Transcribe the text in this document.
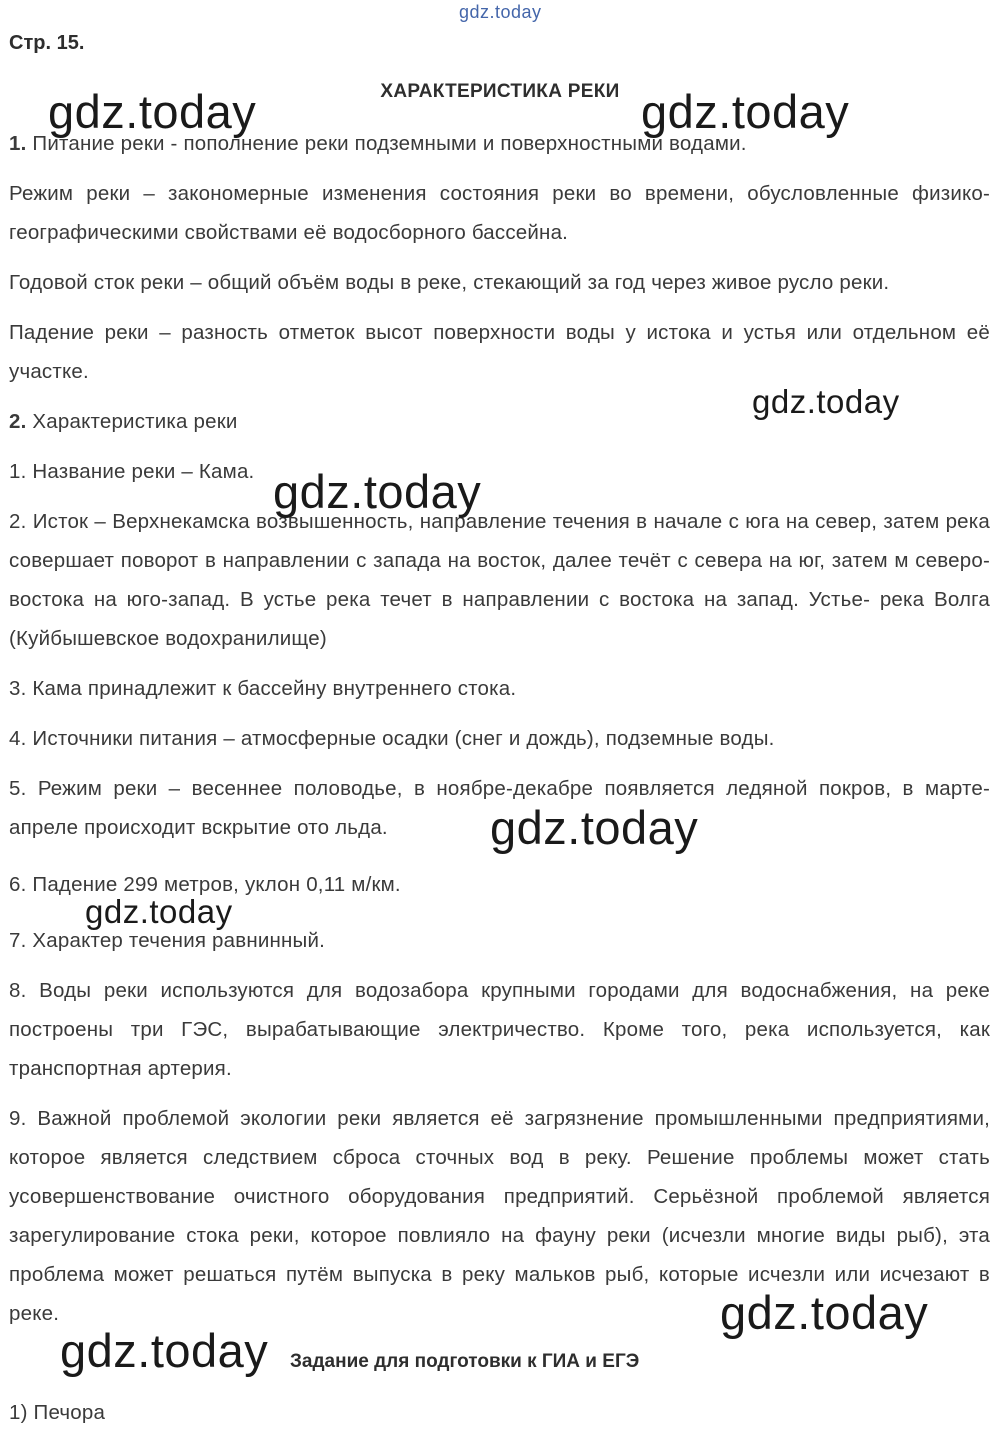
gdz.today
Стр. 15.
ХАРАКТЕРИСТИКА РЕКИ

1. Питание реки - пополнение реки подземными и поверхностными водами.

Режим реки – закономерные изменения состояния реки во времени, обусловленные физико-географическими свойствами её водосборного бассейна.

Годовой сток реки – общий объём воды в реке, стекающий за год через живое русло реки.

Падение реки – разность отметок высот поверхности воды у истока и устья или отдельном её участке.

2. Характеристика реки

1. Название реки – Кама.

2. Исток – Верхнекамска возвышенность, направление течения в начале с юга на север, затем река совершает поворот в направлении с запада на восток, далее течёт с севера на юг, затем м северо-востока на юго-запад. В устье река течет в направлении с востока на запад. Устье- река Волга (Куйбышевское водохранилище)

3. Кама принадлежит к бассейну внутреннего стока.

4. Источники питания – атмосферные осадки (снег и дождь), подземные воды.

5. Режим реки – весеннее половодье, в ноябре-декабре появляется ледяной покров, в марте-апреле происходит вскрытие ото льда.

6. Падение 299 метров, уклон 0,11 м/км.

7. Характер течения равнинный.

8. Воды реки используются для водозабора крупными городами для водоснабжения, на реке построены три ГЭС, вырабатывающие электричество. Кроме того, река используется, как транспортная артерия.

9. Важной проблемой экологии реки является её загрязнение промышленными предприятиями, которое является следствием сброса сточных вод в реку. Решение проблемы может стать усовершенствование очистного оборудования предприятий. Серьёзной проблемой является зарегулирование стока реки, которое повлияло на фауну реки (исчезли многие виды рыб), эта проблема может решаться путём выпуска в реку мальков рыб, которые исчезли или исчезают в реке.

Задание для подготовки к ГИА и ЕГЭ

1) Печора

gdz.today	gdz.today
gdz.today
gdz.today
gdz.today
gdz.today
gdz.today
gdz.today
